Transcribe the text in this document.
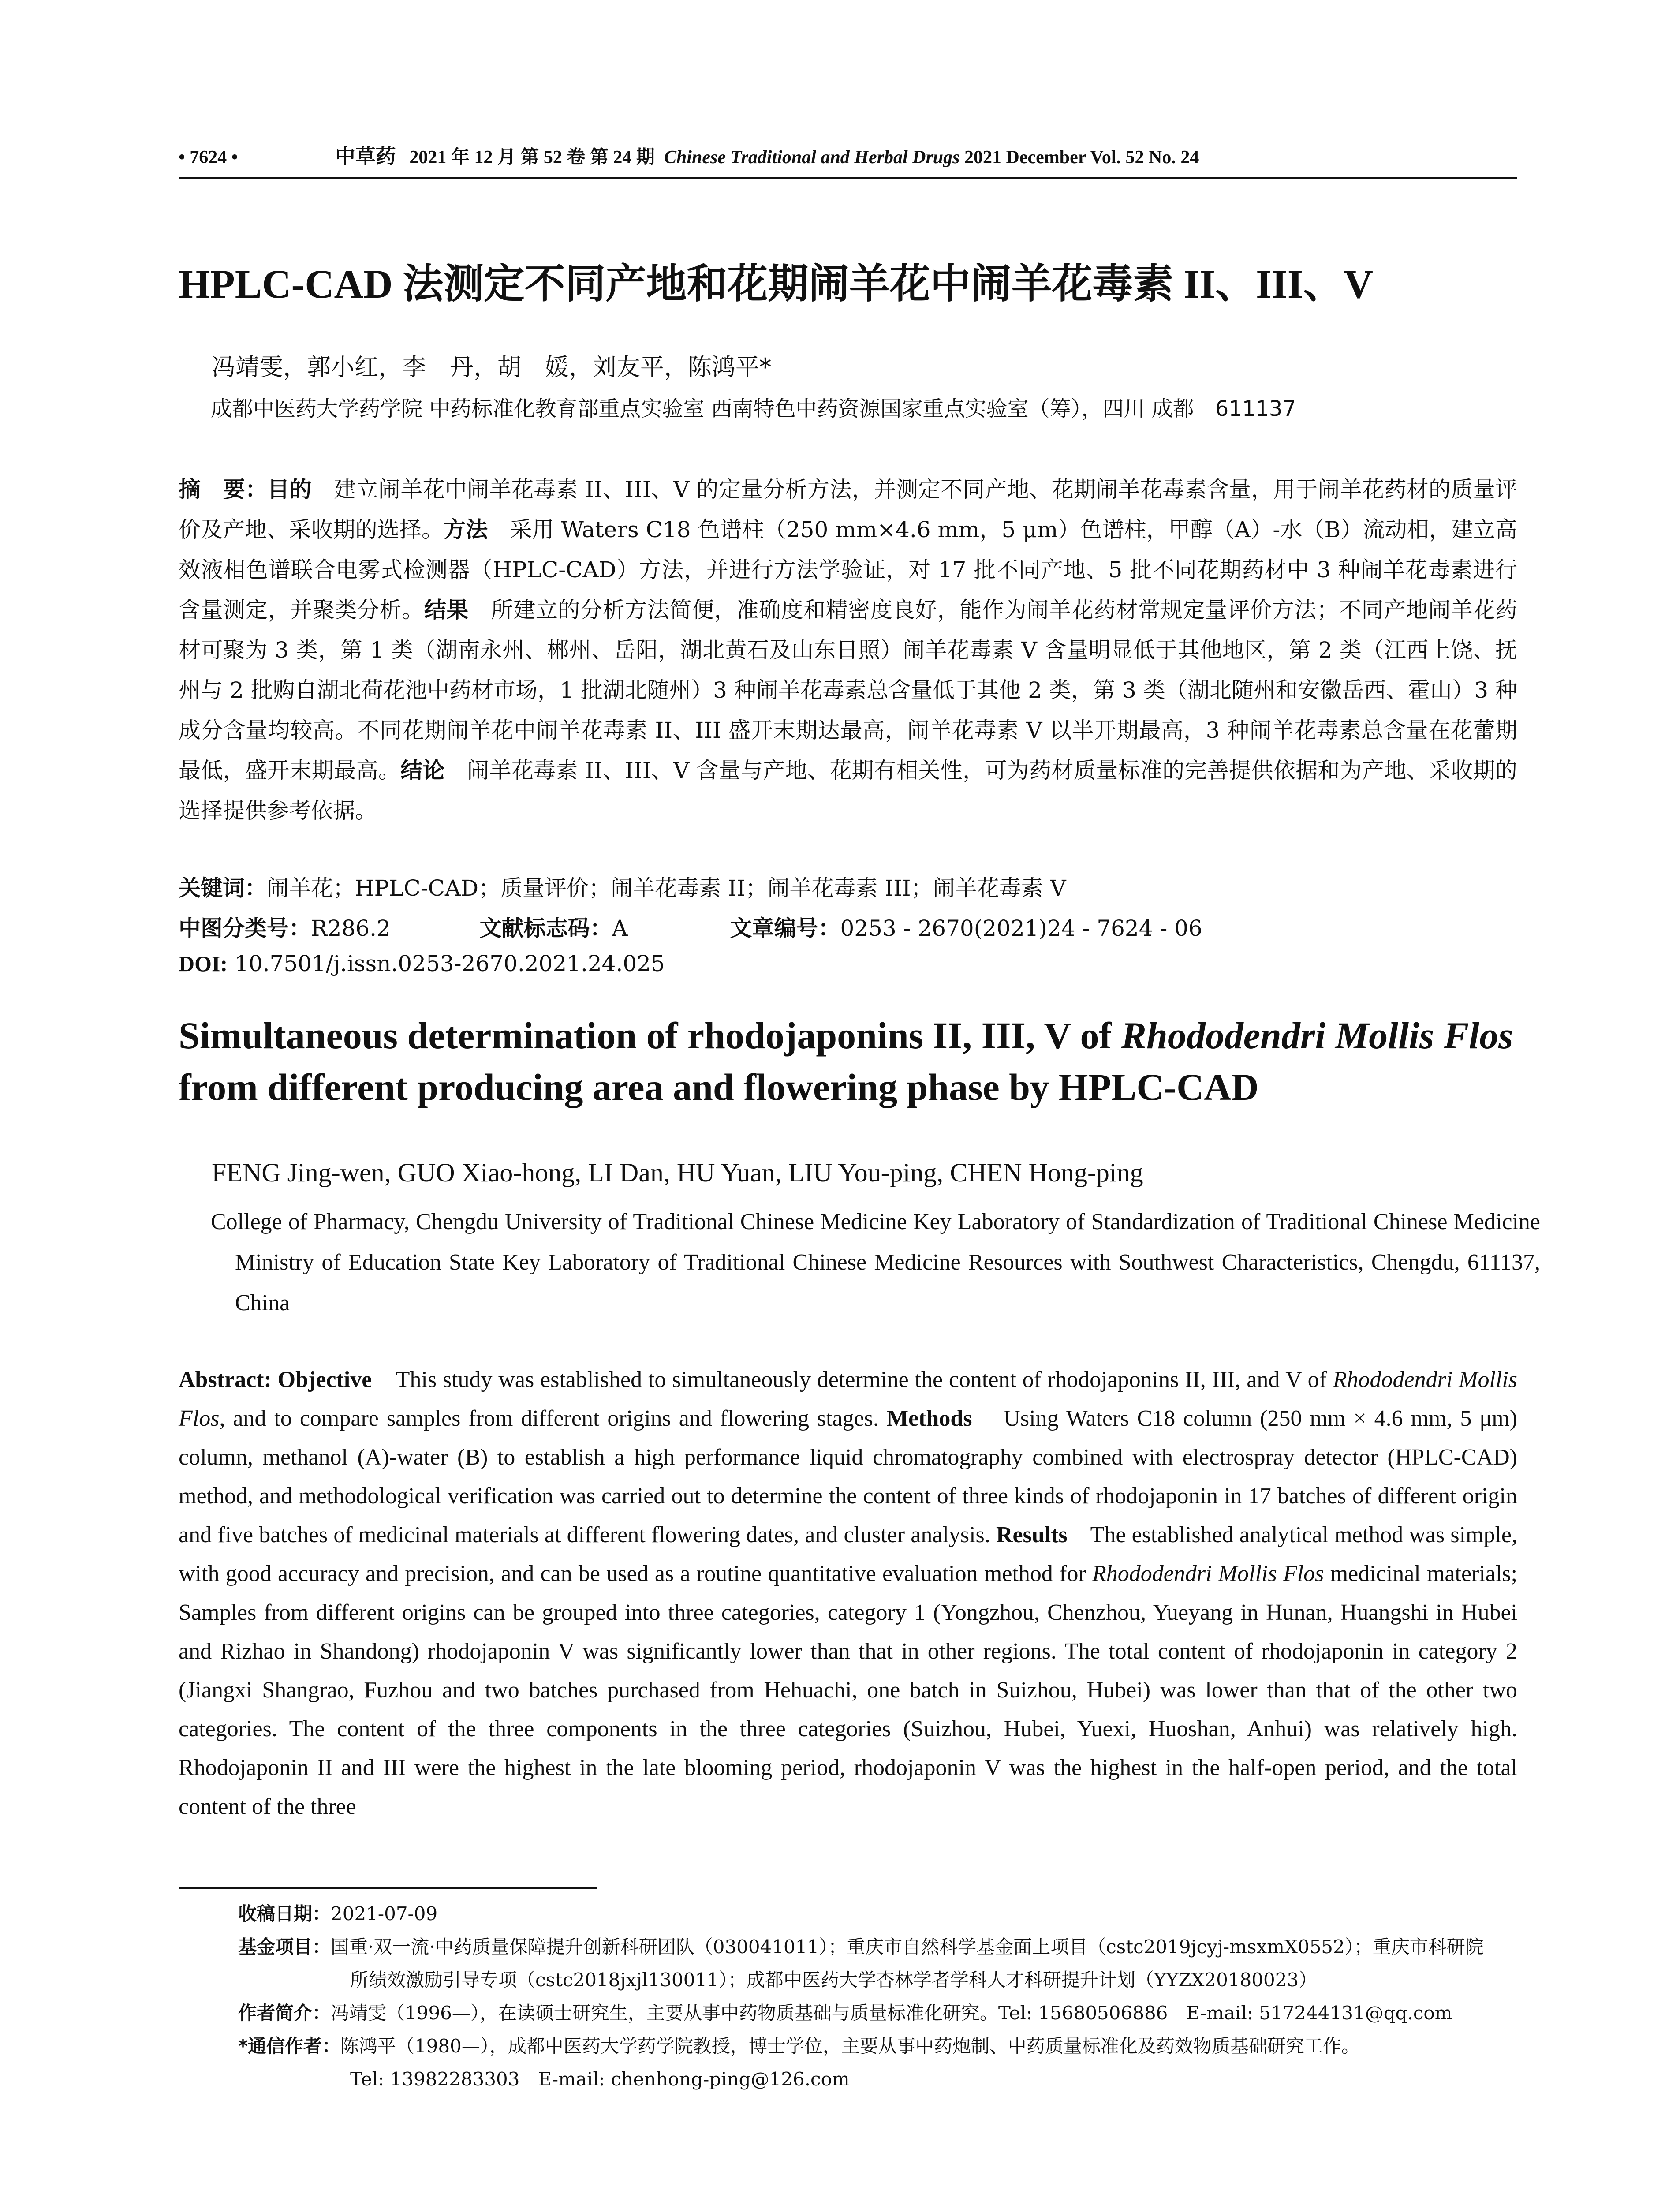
• 7624 •	中草药 2021 年 12 月 第 52 卷 第 24 期 Chinese Traditional and Herbal Drugs 2021 December Vol. 52 No. 24
HPLC-CAD 法测定不同产地和花期闹羊花中闹羊花毒素 II、III、V
冯靖雯，郭小红，李　丹，胡　媛，刘友平，陈鸿平*
成都中医药大学药学院 中药标准化教育部重点实验室 西南特色中药资源国家重点实验室（筹），四川 成都　611137
摘　要：目的　 建立闹羊花中闹羊花毒素 II、III、V 的定量分析方法，并测定不同产地、花期闹羊花毒素含量，用于闹羊花药材的质量评价及产地、采收期的选择。方法　 采用 Waters C18 色谱柱（250 mm×4.6 mm，5 μm）色谱柱，甲醇（A）-水（B）流动相，建立高效液相色谱联合电雾式检测器（HPLC-CAD）方法，并进行方法学验证，对 17 批不同产地、5 批不同花期药材中 3 种闹羊花毒素进行含量测定，并聚类分析。结果　 所建立的分析方法简便，准确度和精密度良好，能作为闹羊花药材常规定量评价方法；不同产地闹羊花药材可聚为 3 类，第 1 类（湖南永州、郴州、岳阳，湖北黄石及山东日照）闹羊花毒素 V 含量明显低于其他地区，第 2 类（江西上饶、抚州与 2 批购自湖北荷花池中药材市场，1 批湖北随州）3 种闹羊花毒素总含量低于其他 2 类，第 3 类（湖北随州和安徽岳西、霍山）3 种成分含量均较高。不同花期闹羊花中闹羊花毒素 II、III 盛开末期达最高，闹羊花毒素 V 以半开期最高，3 种闹羊花毒素总含量在花蕾期最低，盛开末期最高。结论　 闹羊花毒素 II、III、V 含量与产地、花期有相关性，可为药材质量标准的完善提供依据和为产地、采收期的选择提供参考依据。
关键词：闹羊花；HPLC-CAD；质量评价；闹羊花毒素 II；闹羊花毒素 III；闹羊花毒素 V
中图分类号：R286.2	文献标志码：A	文章编号：0253 - 2670(2021)24 - 7624 - 06
DOI: 10.7501/j.issn.0253-2670.2021.24.025
Simultaneous determination of rhodojaponins II, III, V of Rhododendri Mollis Flos from different producing area and flowering phase by HPLC-CAD
FENG Jing-wen, GUO Xiao-hong, LI Dan, HU Yuan, LIU You-ping, CHEN Hong-ping
College of Pharmacy, Chengdu University of Traditional Chinese Medicine Key Laboratory of Standardization of Traditional Chinese Medicine Ministry of Education State Key Laboratory of Traditional Chinese Medicine Resources with Southwest Characteristics, Chengdu, 611137, China
Abstract: Objective This study was established to simultaneously determine the content of rhodojaponins II, III, and V of Rhododendri Mollis Flos, and to compare samples from different origins and flowering stages. Methods Using Waters C18 column (250 mm × 4.6 mm, 5 μm) column, methanol (A)-water (B) to establish a high performance liquid chromatography combined with electrospray detector (HPLC-CAD) method, and methodological verification was carried out to determine the content of three kinds of rhodojaponin in 17 batches of different origin and five batches of medicinal materials at different flowering dates, and cluster analysis. Results The established analytical method was simple, with good accuracy and precision, and can be used as a routine quantitative evaluation method for Rhododendri Mollis Flos medicinal materials; Samples from different origins can be grouped into three categories, category 1 (Yongzhou, Chenzhou, Yueyang in Hunan, Huangshi in Hubei and Rizhao in Shandong) rhodojaponin V was significantly lower than that in other regions. The total content of rhodojaponin in category 2 (Jiangxi Shangrao, Fuzhou and two batches purchased from Hehuachi, one batch in Suizhou, Hubei) was lower than that of the other two categories. The content of the three components in the three categories (Suizhou, Hubei, Yuexi, Huoshan, Anhui) was relatively high. Rhodojaponin II and III were the highest in the late blooming period, rhodojaponin V was the highest in the half-open period, and the total content of the three
收稿日期：2021-07-09
基金项目：国重·双一流·中药质量保障提升创新科研团队（030041011）；重庆市自然科学基金面上项目（cstc2019jcyj-msxmX0552）；重庆市科研院所绩效激励引导专项（cstc2018jxjl130011）；成都中医药大学杏林学者学科人才科研提升计划（YYZX20180023）
作者简介：冯靖雯（1996—），在读硕士研究生，主要从事中药物质基础与质量标准化研究。Tel: 15680506886　E-mail: 517244131@qq.com
*通信作者：陈鸿平（1980—），成都中医药大学药学院教授，博士学位，主要从事中药炮制、中药质量标准化及药效物质基础研究工作。
Tel: 13982283303　E-mail: chenhong-ping@126.com
